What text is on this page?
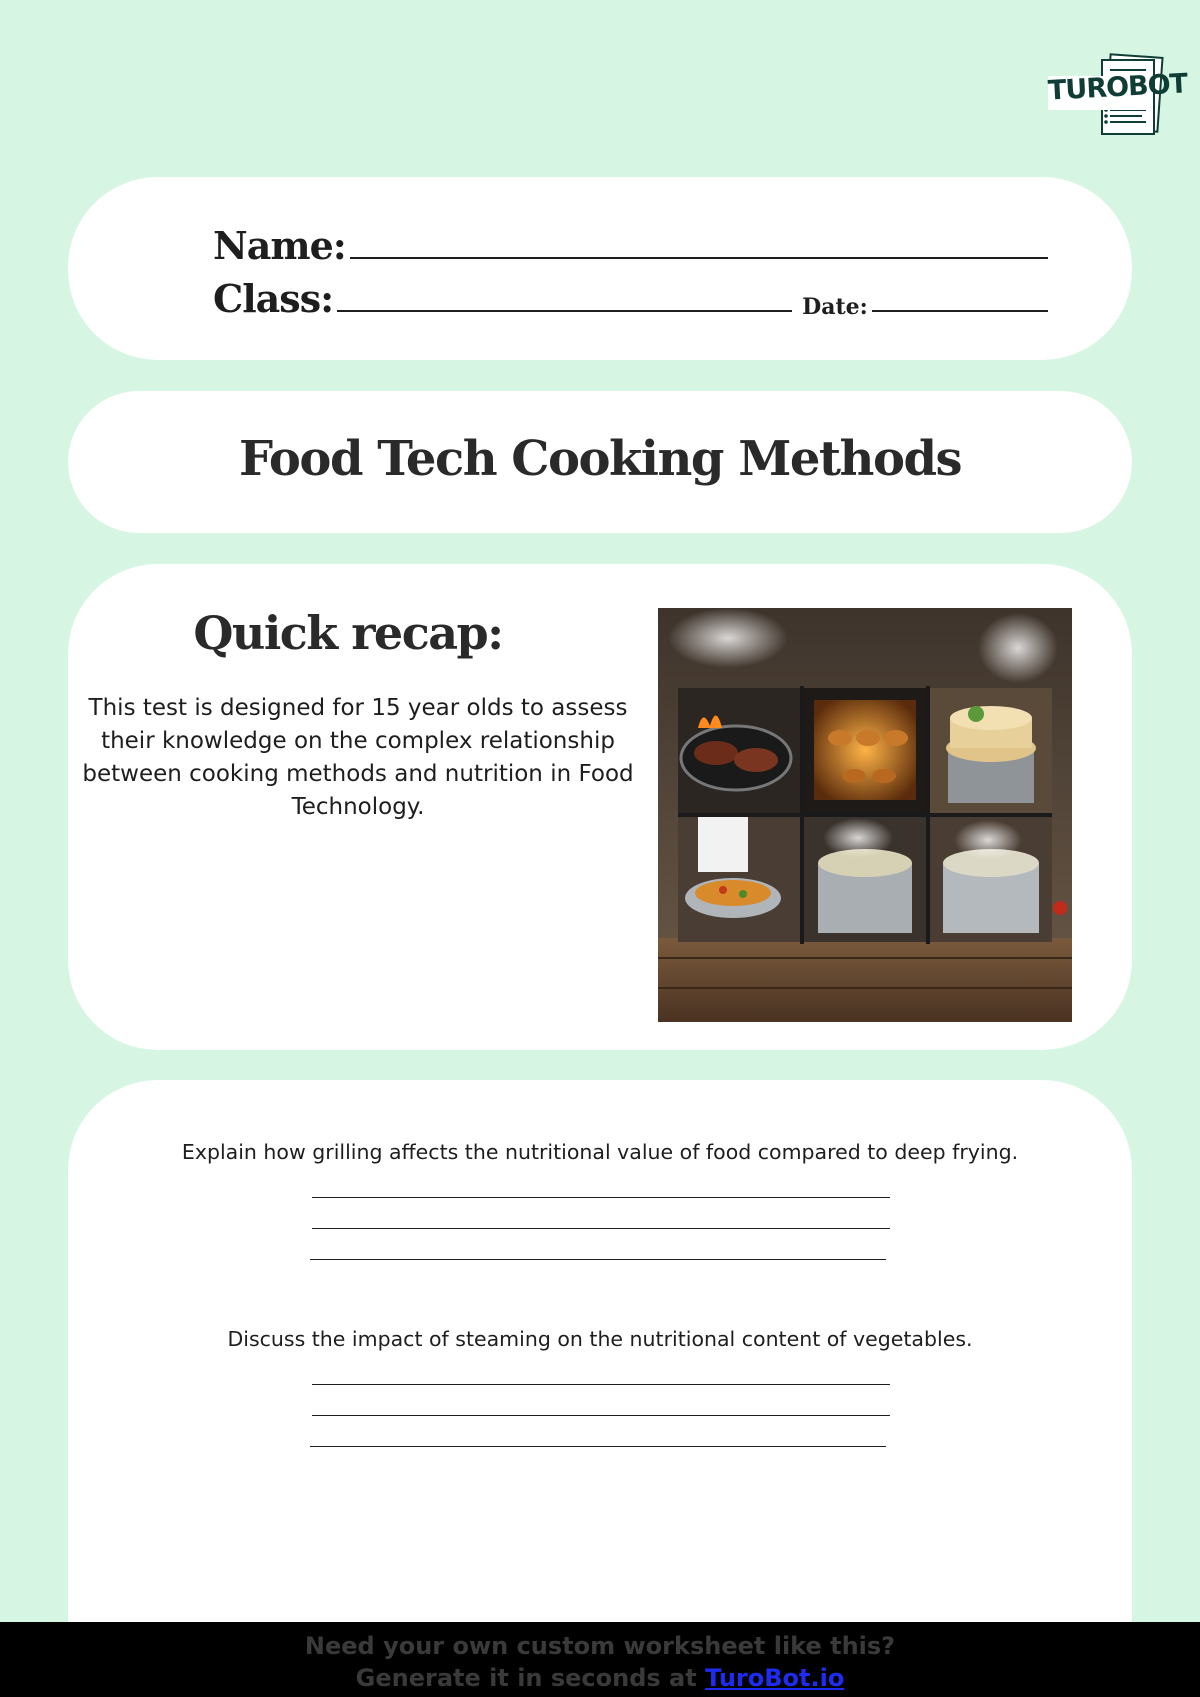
TUROBOT
Name:
Class:	Date:
Food Tech Cooking Methods
Quick recap:
This test is designed for 15 year olds to assess their knowledge on the complex relationship between cooking methods and nutrition in Food Technology.
Explain how grilling affects the nutritional value of food compared to deep frying.
Discuss the impact of steaming on the nutritional content of vegetables.
Need your own custom worksheet like this?
Generate it in seconds at TuroBot.io
